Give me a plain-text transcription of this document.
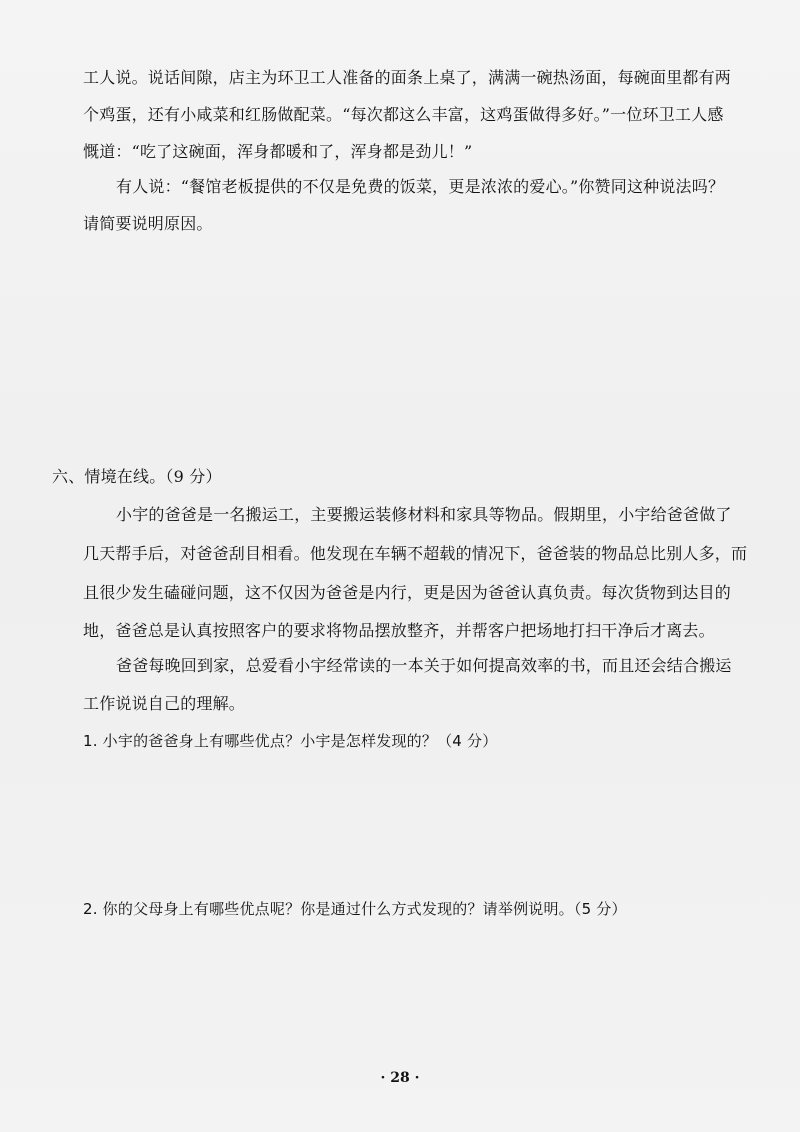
工人说。说话间隙，店主为环卫工人准备的面条上桌了，满满一碗热汤面，每碗面里都有两
个鸡蛋，还有小咸菜和红肠做配菜。“每次都这么丰富，这鸡蛋做得多好。”一位环卫工人感
慨道：“吃了这碗面，浑身都暖和了，浑身都是劲儿！”
有人说：“餐馆老板提供的不仅是免费的饭菜，更是浓浓的爱心。”你赞同这种说法吗？
请简要说明原因。
六、情境在线。（9 分）
小宇的爸爸是一名搬运工，主要搬运装修材料和家具等物品。假期里，小宇给爸爸做了
几天帮手后，对爸爸刮目相看。他发现在车辆不超载的情况下，爸爸装的物品总比别人多，而
且很少发生磕碰问题，这不仅因为爸爸是内行，更是因为爸爸认真负责。每次货物到达目的
地，爸爸总是认真按照客户的要求将物品摆放整齐，并帮客户把场地打扫干净后才离去。
爸爸每晚回到家，总爱看小宇经常读的一本关于如何提高效率的书，而且还会结合搬运
工作说说自己的理解。
1. 小宇的爸爸身上有哪些优点？小宇是怎样发现的？（4 分）
2. 你的父母身上有哪些优点呢？你是通过什么方式发现的？请举例说明。（5 分）
· 28 ·
